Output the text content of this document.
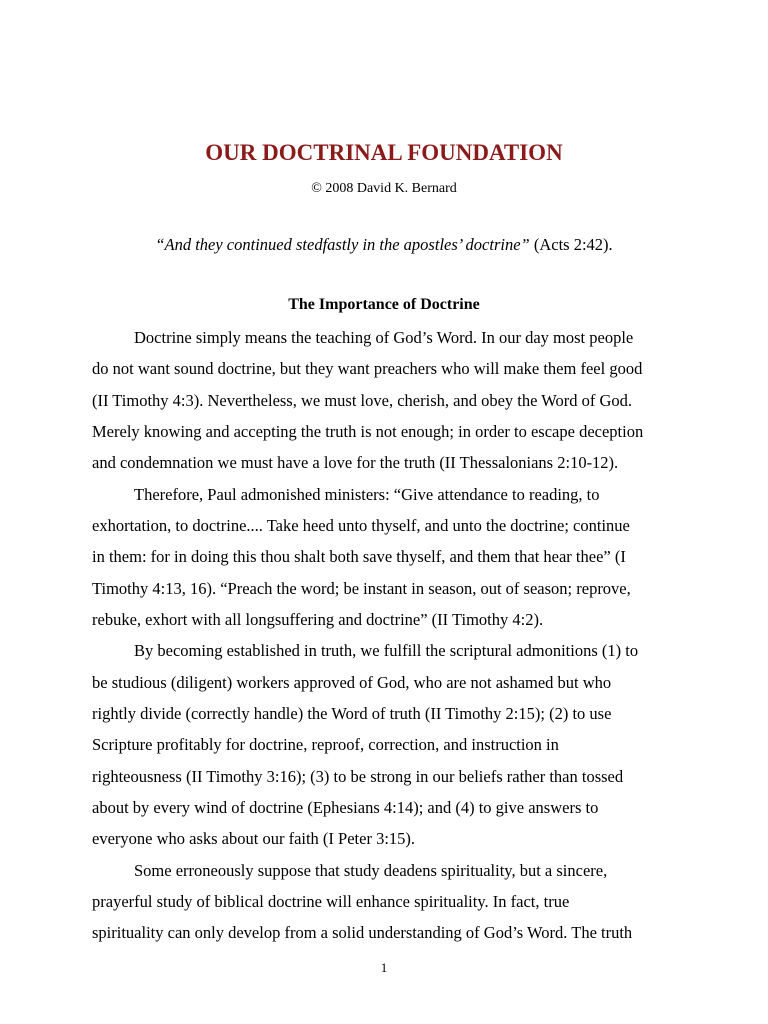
OUR DOCTRINAL FOUNDATION
© 2008 David K. Bernard
“And they continued stedfastly in the apostles’ doctrine” (Acts 2:42).
The Importance of Doctrine
Doctrine simply means the teaching of God’s Word. In our day most people
do not want sound doctrine, but they want preachers who will make them feel good
(II Timothy 4:3). Nevertheless, we must love, cherish, and obey the Word of God.
Merely knowing and accepting the truth is not enough; in order to escape deception
and condemnation we must have a love for the truth (II Thessalonians 2:10-12).
Therefore, Paul admonished ministers: “Give attendance to reading, to
exhortation, to doctrine.... Take heed unto thyself, and unto the doctrine; continue
in them: for in doing this thou shalt both save thyself, and them that hear thee” (I
Timothy 4:13, 16). “Preach the word; be instant in season, out of season; reprove,
rebuke, exhort with all longsuffering and doctrine” (II Timothy 4:2).
By becoming established in truth, we fulfill the scriptural admonitions (1) to
be studious (diligent) workers approved of God, who are not ashamed but who
rightly divide (correctly handle) the Word of truth (II Timothy 2:15); (2) to use
Scripture profitably for doctrine, reproof, correction, and instruction in
righteousness (II Timothy 3:16); (3) to be strong in our beliefs rather than tossed
about by every wind of doctrine (Ephesians 4:14); and (4) to give answers to
everyone who asks about our faith (I Peter 3:15).
Some erroneously suppose that study deadens spirituality, but a sincere,
prayerful study of biblical doctrine will enhance spirituality. In fact, true
spirituality can only develop from a solid understanding of God’s Word. The truth
1
